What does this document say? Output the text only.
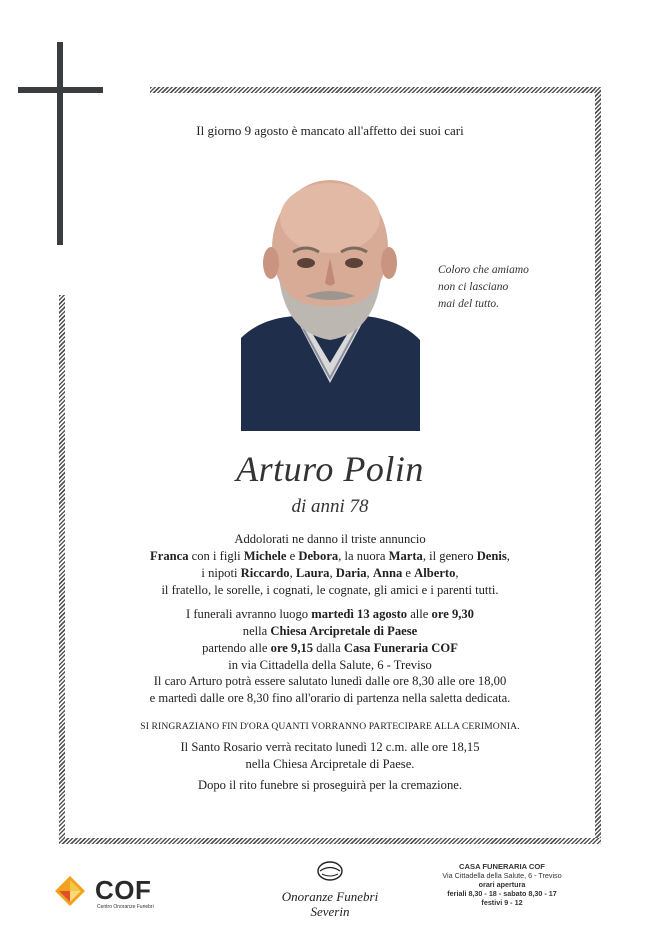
Il giorno 9 agosto è mancato all'affetto dei suoi cari
Coloro che amiamo
non ci lasciano
mai del tutto.
Arturo Polin
di anni 78
Addolorati ne danno il triste annuncio
Franca con i figli Michele e Debora, la nuora Marta, il genero Denis,
i nipoti Riccardo, Laura, Daria, Anna e Alberto,
il fratello, le sorelle, i cognati, le cognate, gli amici e i parenti tutti.
I funerali avranno luogo martedì 13 agosto alle ore 9,30
nella Chiesa Arcipretale di Paese
partendo alle ore 9,15 dalla Casa Funeraria COF
in via Cittadella della Salute, 6 - Treviso
Il caro Arturo potrà essere salutato lunedì dalle ore 8,30 alle ore 18,00
e martedì dalle ore 8,30 fino all'orario di partenza nella saletta dedicata.
SI RINGRAZIANO FIN D'ORA QUANTI VORRANNO PARTECIPARE ALLA CERIMONIA.
Il Santo Rosario verrà recitato lunedì 12 c.m. alle ore 18,15
nella Chiesa Arcipretale di Paese.
Dopo il rito funebre si proseguirà per la cremazione.
COF
Centro Onoranze Funebri
Onoranze Funebri
Severin
CASA FUNERARIA COF
Via Cittadella della Salute, 6 - Treviso
orari apertura
feriali 8,30 - 18 - sabato 8,30 - 17
festivi 9 - 12
